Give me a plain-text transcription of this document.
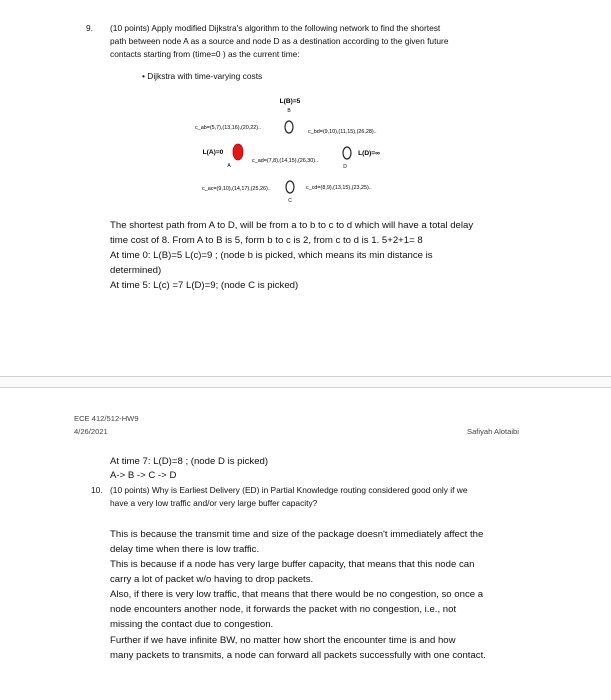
9. (10 points) Apply modified Dijkstra's algorithm to the following network to find the shortest
path between node A as a source and node D as a destination according to the given future
contacts starting from (time=0 ) as the current time:
• Dijkstra with time-varying costs
B
L(B)=5
A
L(A)=0
D
L(D)=∞
C
c_ab=(5,7),(13,16),(20,22)..
c_bd=(9,10),(11,15),(26,28)..
c_ad=(7,8),(14,15),(26,30)..
c_ac=(9,10),(14,17),(25,26)..	c_cd=(8,9),(13,15),(23,25)..
The shortest path from A to D, will be from a to b to c to d which will have a total delay
time cost of 8. From A to B is 5, form b to c is 2, from c to d is 1. 5+2+1= 8
At time 0: L(B)=5 L(c)=9 ; (node b is picked, which means its min distance is
determined)
At time 5: L(c) =7 L(D)=9; (node C is picked)
ECE 412/512-HW9
4/26/2021	Safiyah Alotaibi
At time 7: L(D)=8 ; (node D is picked)
A-> B -> C -> D
10. (10 points) Why is Earliest Delivery (ED) in Partial Knowledge routing considered good only if we
have a very low traffic and/or very large buffer capacity?
This is because the transmit time and size of the package doesn't immediately affect the
delay time when there is low traffic.
This is because if a node has very large buffer capacity, that means that this node can
carry a lot of packet w/o having to drop packets.
Also, if there is very low traffic, that means that there would be no congestion, so once a
node encounters another node, it forwards the packet with no congestion, i.e., not
missing the contact due to congestion.
Further if we have infinite BW, no matter how short the encounter time is and how
many packets to transmits, a node can forward all packets successfully with one contact.
